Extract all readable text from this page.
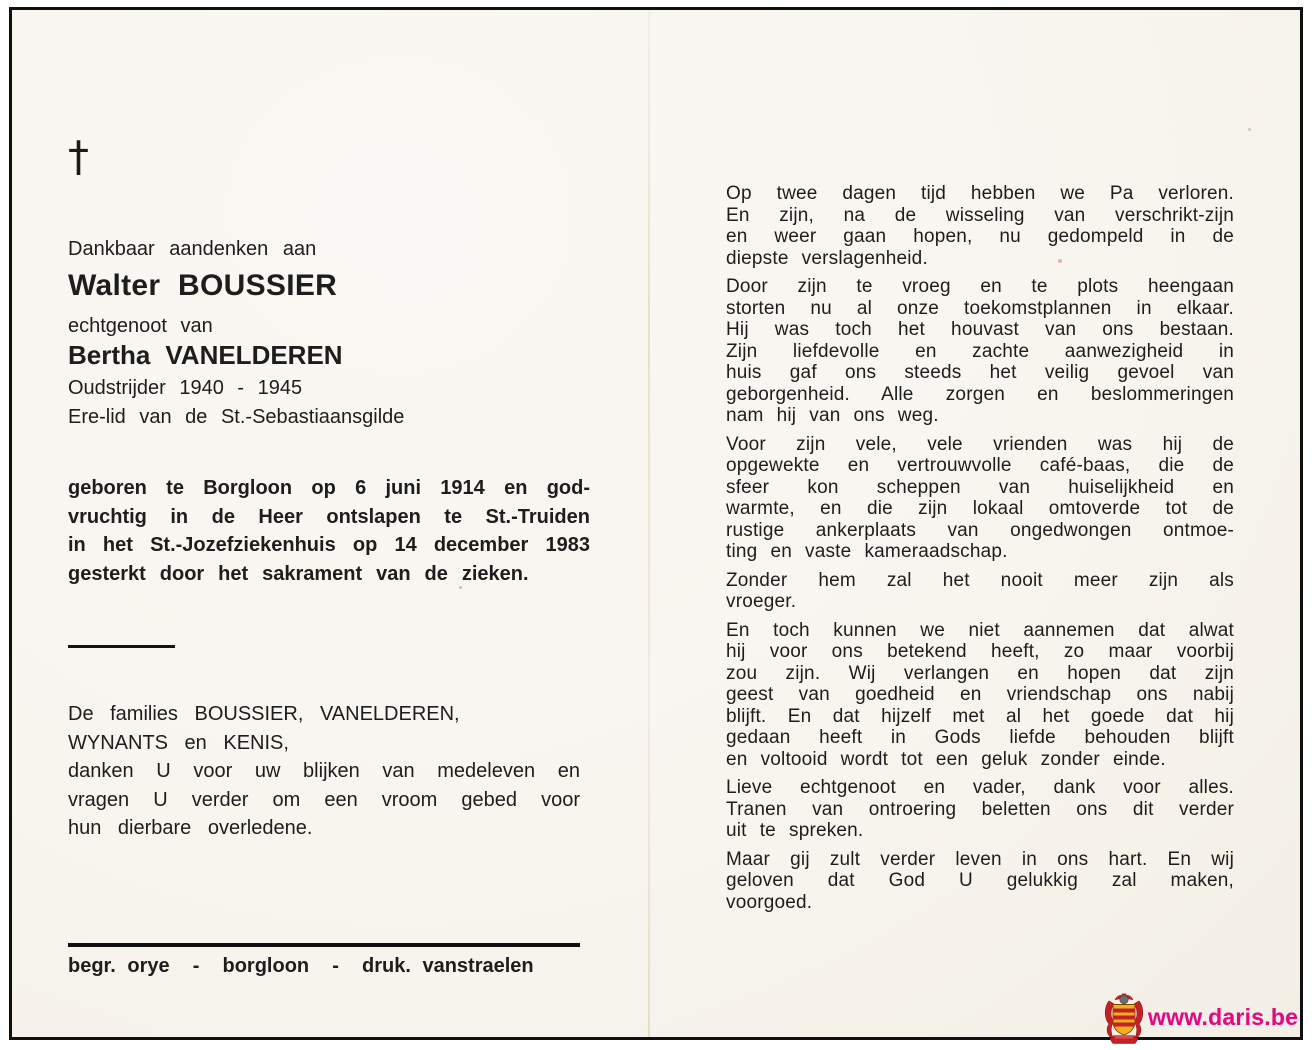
†
Dankbaar aandenken aan
Walter BOUSSIER
echtgenoot van
Bertha VANELDEREN
Oudstrijder 1940 - 1945
Ere-lid van de St.-Sebastiaansgilde
geboren te Borgloon op 6 juni 1914 en god-
vruchtig in de Heer ontslapen te St.-Truiden
in het St.-Jozefziekenhuis op 14 december 1983
gesterkt door het sakrament van de zieken.
De families BOUSSIER, VANELDEREN,
WYNANTS en KENIS,
danken U voor uw blijken van medeleven en
vragen U verder om een vroom gebed voor
hun dierbare overledene.
begr. orye  -  borgloon  -  druk. vanstraelen
Op twee dagen tijd hebben we Pa verloren.
En zijn, na de wisseling van verschrikt-zijn
en weer gaan hopen, nu gedompeld in de
diepste verslagenheid.
Door zijn te vroeg en te plots heengaan
storten nu al onze toekomstplannen in elkaar.
Hij was toch het houvast van ons bestaan.
Zijn liefdevolle en zachte aanwezigheid in
huis gaf ons steeds het veilig gevoel van
geborgenheid. Alle zorgen en beslommeringen
nam hij van ons weg.
Voor zijn vele, vele vrienden was hij de
opgewekte en vertrouwvolle café-baas, die de
sfeer kon scheppen van huiselijkheid en
warmte, en die zijn lokaal omtoverde tot de
rustige ankerplaats van ongedwongen ontmoe-
ting en vaste kameraadschap.
Zonder hem zal het nooit meer zijn als
vroeger.
En toch kunnen we niet aannemen dat alwat
hij voor ons betekend heeft, zo maar voorbij
zou zijn. Wij verlangen en hopen dat zijn
geest van goedheid en vriendschap ons nabij
blijft. En dat hijzelf met al het goede dat hij
gedaan heeft in Gods liefde behouden blijft
en voltooid wordt tot een geluk zonder einde.
Lieve echtgenoot en vader, dank voor alles.
Tranen van ontroering beletten ons dit verder
uit te spreken.
Maar gij zult verder leven in ons hart. En wij
geloven dat God U gelukkig zal maken,
voorgoed.
www.daris.be
